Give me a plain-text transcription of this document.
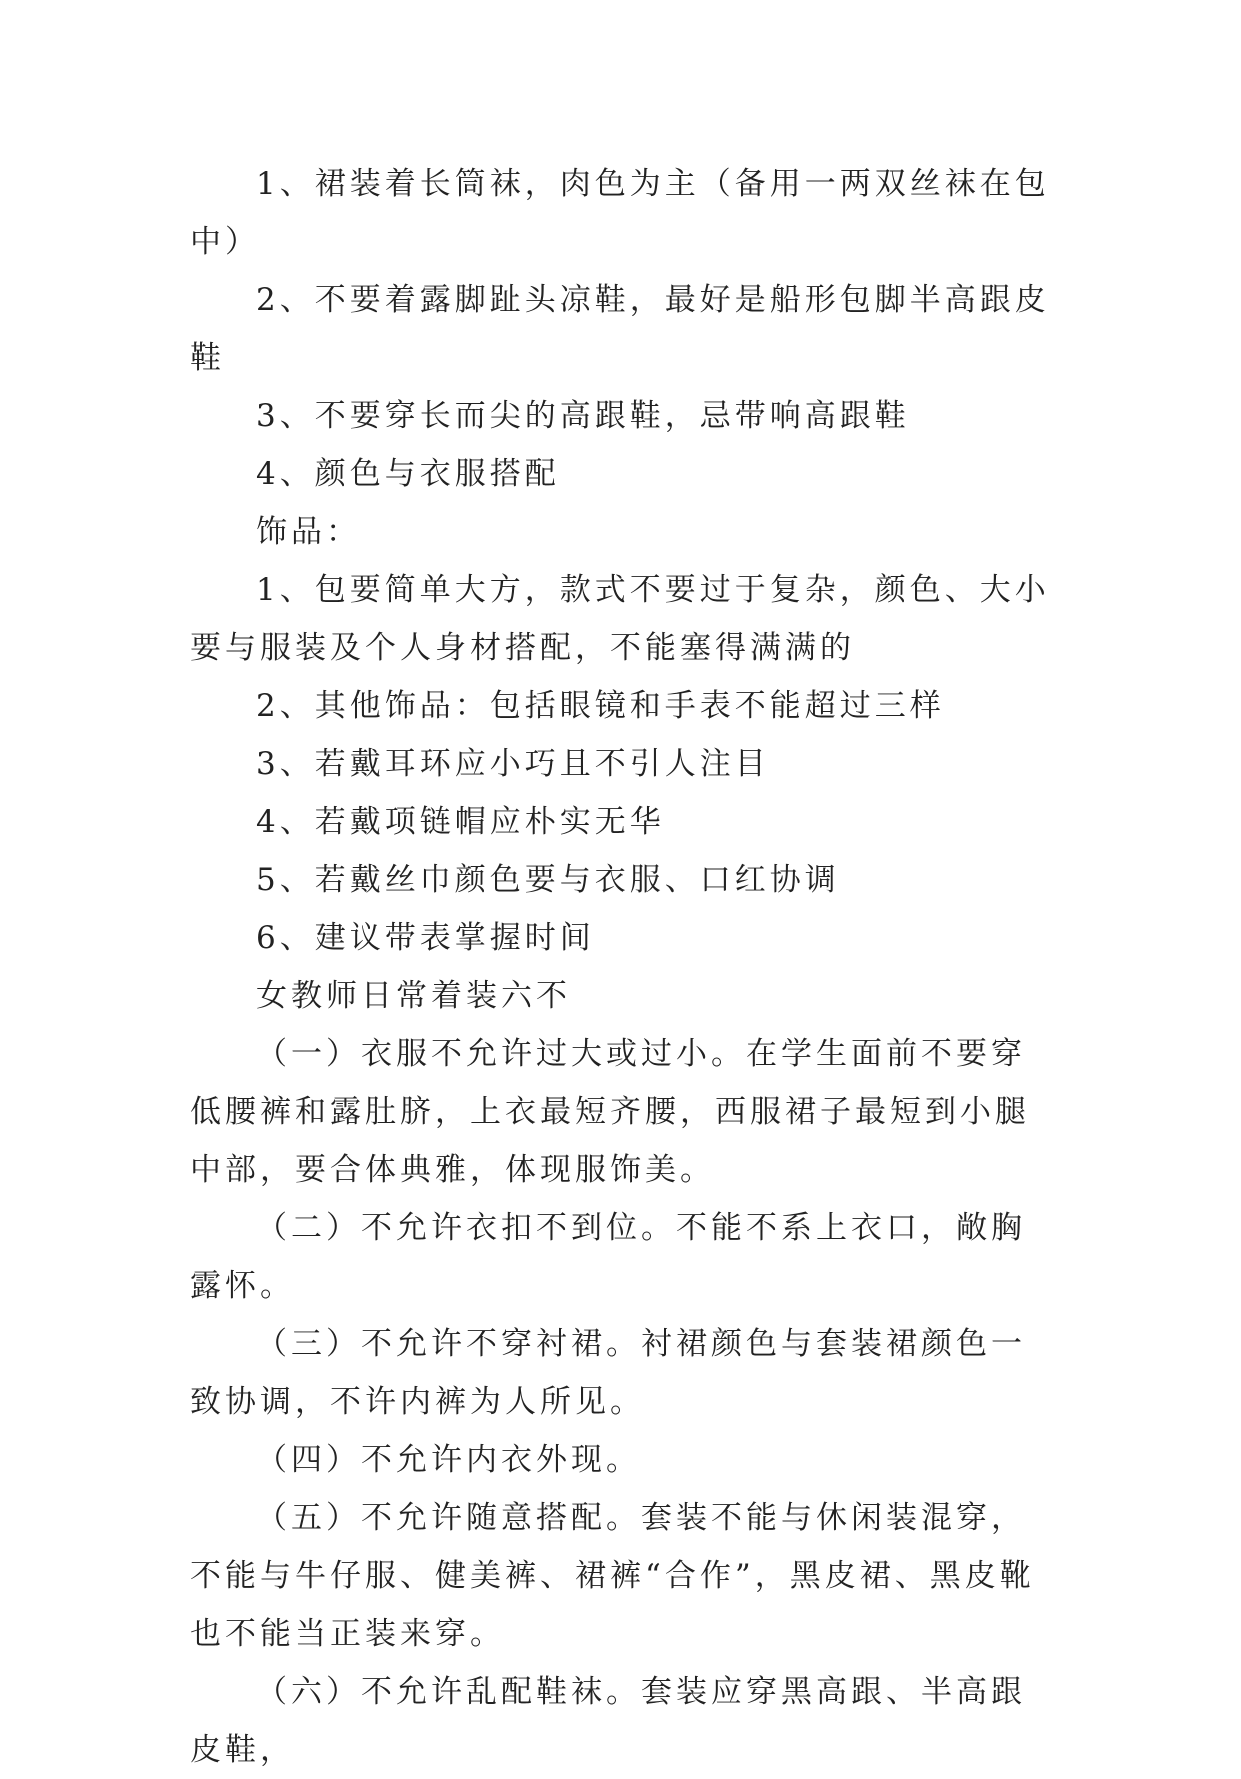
1、裙装着长筒袜，肉色为主（备用一两双丝袜在包中）

2、不要着露脚趾头凉鞋，最好是船形包脚半高跟皮鞋

3、不要穿长而尖的高跟鞋，忌带响高跟鞋

4、颜色与衣服搭配

饰品：

1、包要简单大方，款式不要过于复杂，颜色、大小要与服装及个人身材搭配，不能塞得满满的

2、其他饰品：包括眼镜和手表不能超过三样

3、若戴耳环应小巧且不引人注目

4、若戴项链帽应朴实无华

5、若戴丝巾颜色要与衣服、口红协调

6、建议带表掌握时间

女教师日常着装六不

（一）衣服不允许过大或过小。在学生面前不要穿低腰裤和露肚脐，上衣最短齐腰，西服裙子最短到小腿中部，要合体典雅，体现服饰美。

（二）不允许衣扣不到位。不能不系上衣口，敞胸露怀。

（三）不允许不穿衬裙。衬裙颜色与套装裙颜色一致协调，不许内裤为人所见。

（四）不允许内衣外现。

（五）不允许随意搭配。套装不能与休闲装混穿，不能与牛仔服、健美裤、裙裤“合作”，黑皮裙、黑皮靴也不能当正装来穿。

（六）不允许乱配鞋袜。套装应穿黑高跟、半高跟皮鞋，
